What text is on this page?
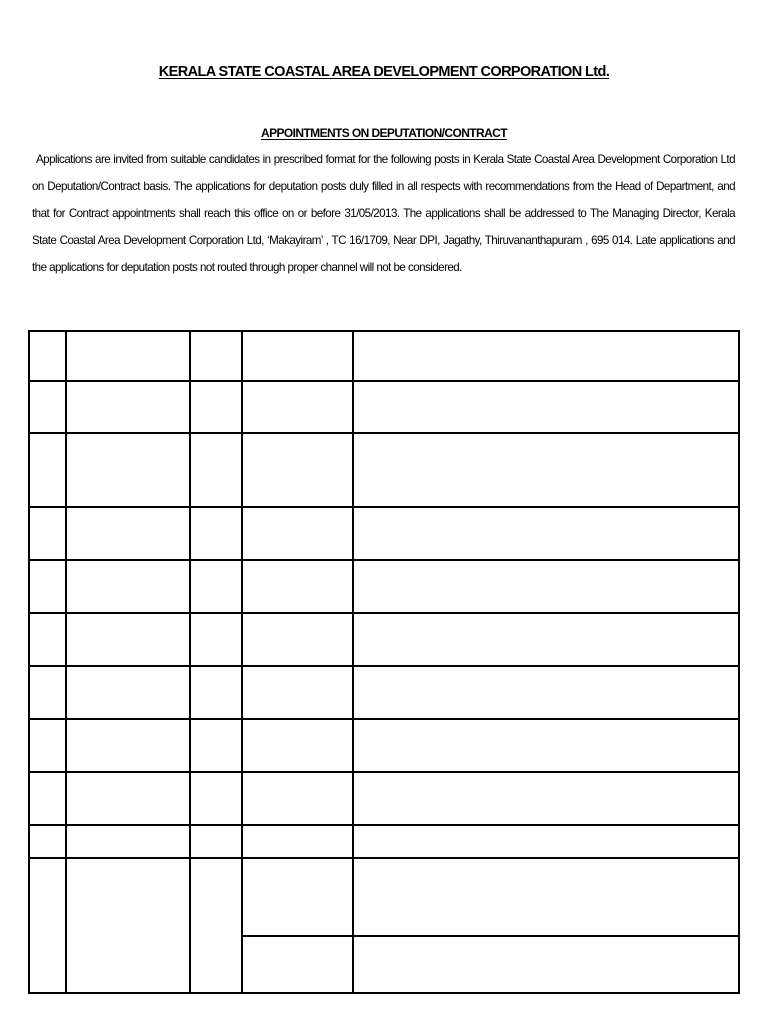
KERALA STATE COASTAL AREA DEVELOPMENT CORPORATION Ltd.
APPOINTMENTS ON DEPUTATION/CONTRACT

Applications are invited from suitable candidates in prescribed format for the following posts in Kerala State Coastal Area Development Corporation Ltd on Deputation/Contract basis. The applications for deputation posts duly filled in all respects with recommendations from the Head of Department, and that for Contract appointments shall reach this office on or before 31/05/2013. The applications shall be addressed to The Managing Director, Kerala State Coastal Area Development Corporation Ltd, ‘Makayiram’ , TC 16/1709, Near DPI, Jagathy, Thiruvananthapuram , 695 014. Late applications and the applications for deputation posts not routed through proper channel will not be considered.
